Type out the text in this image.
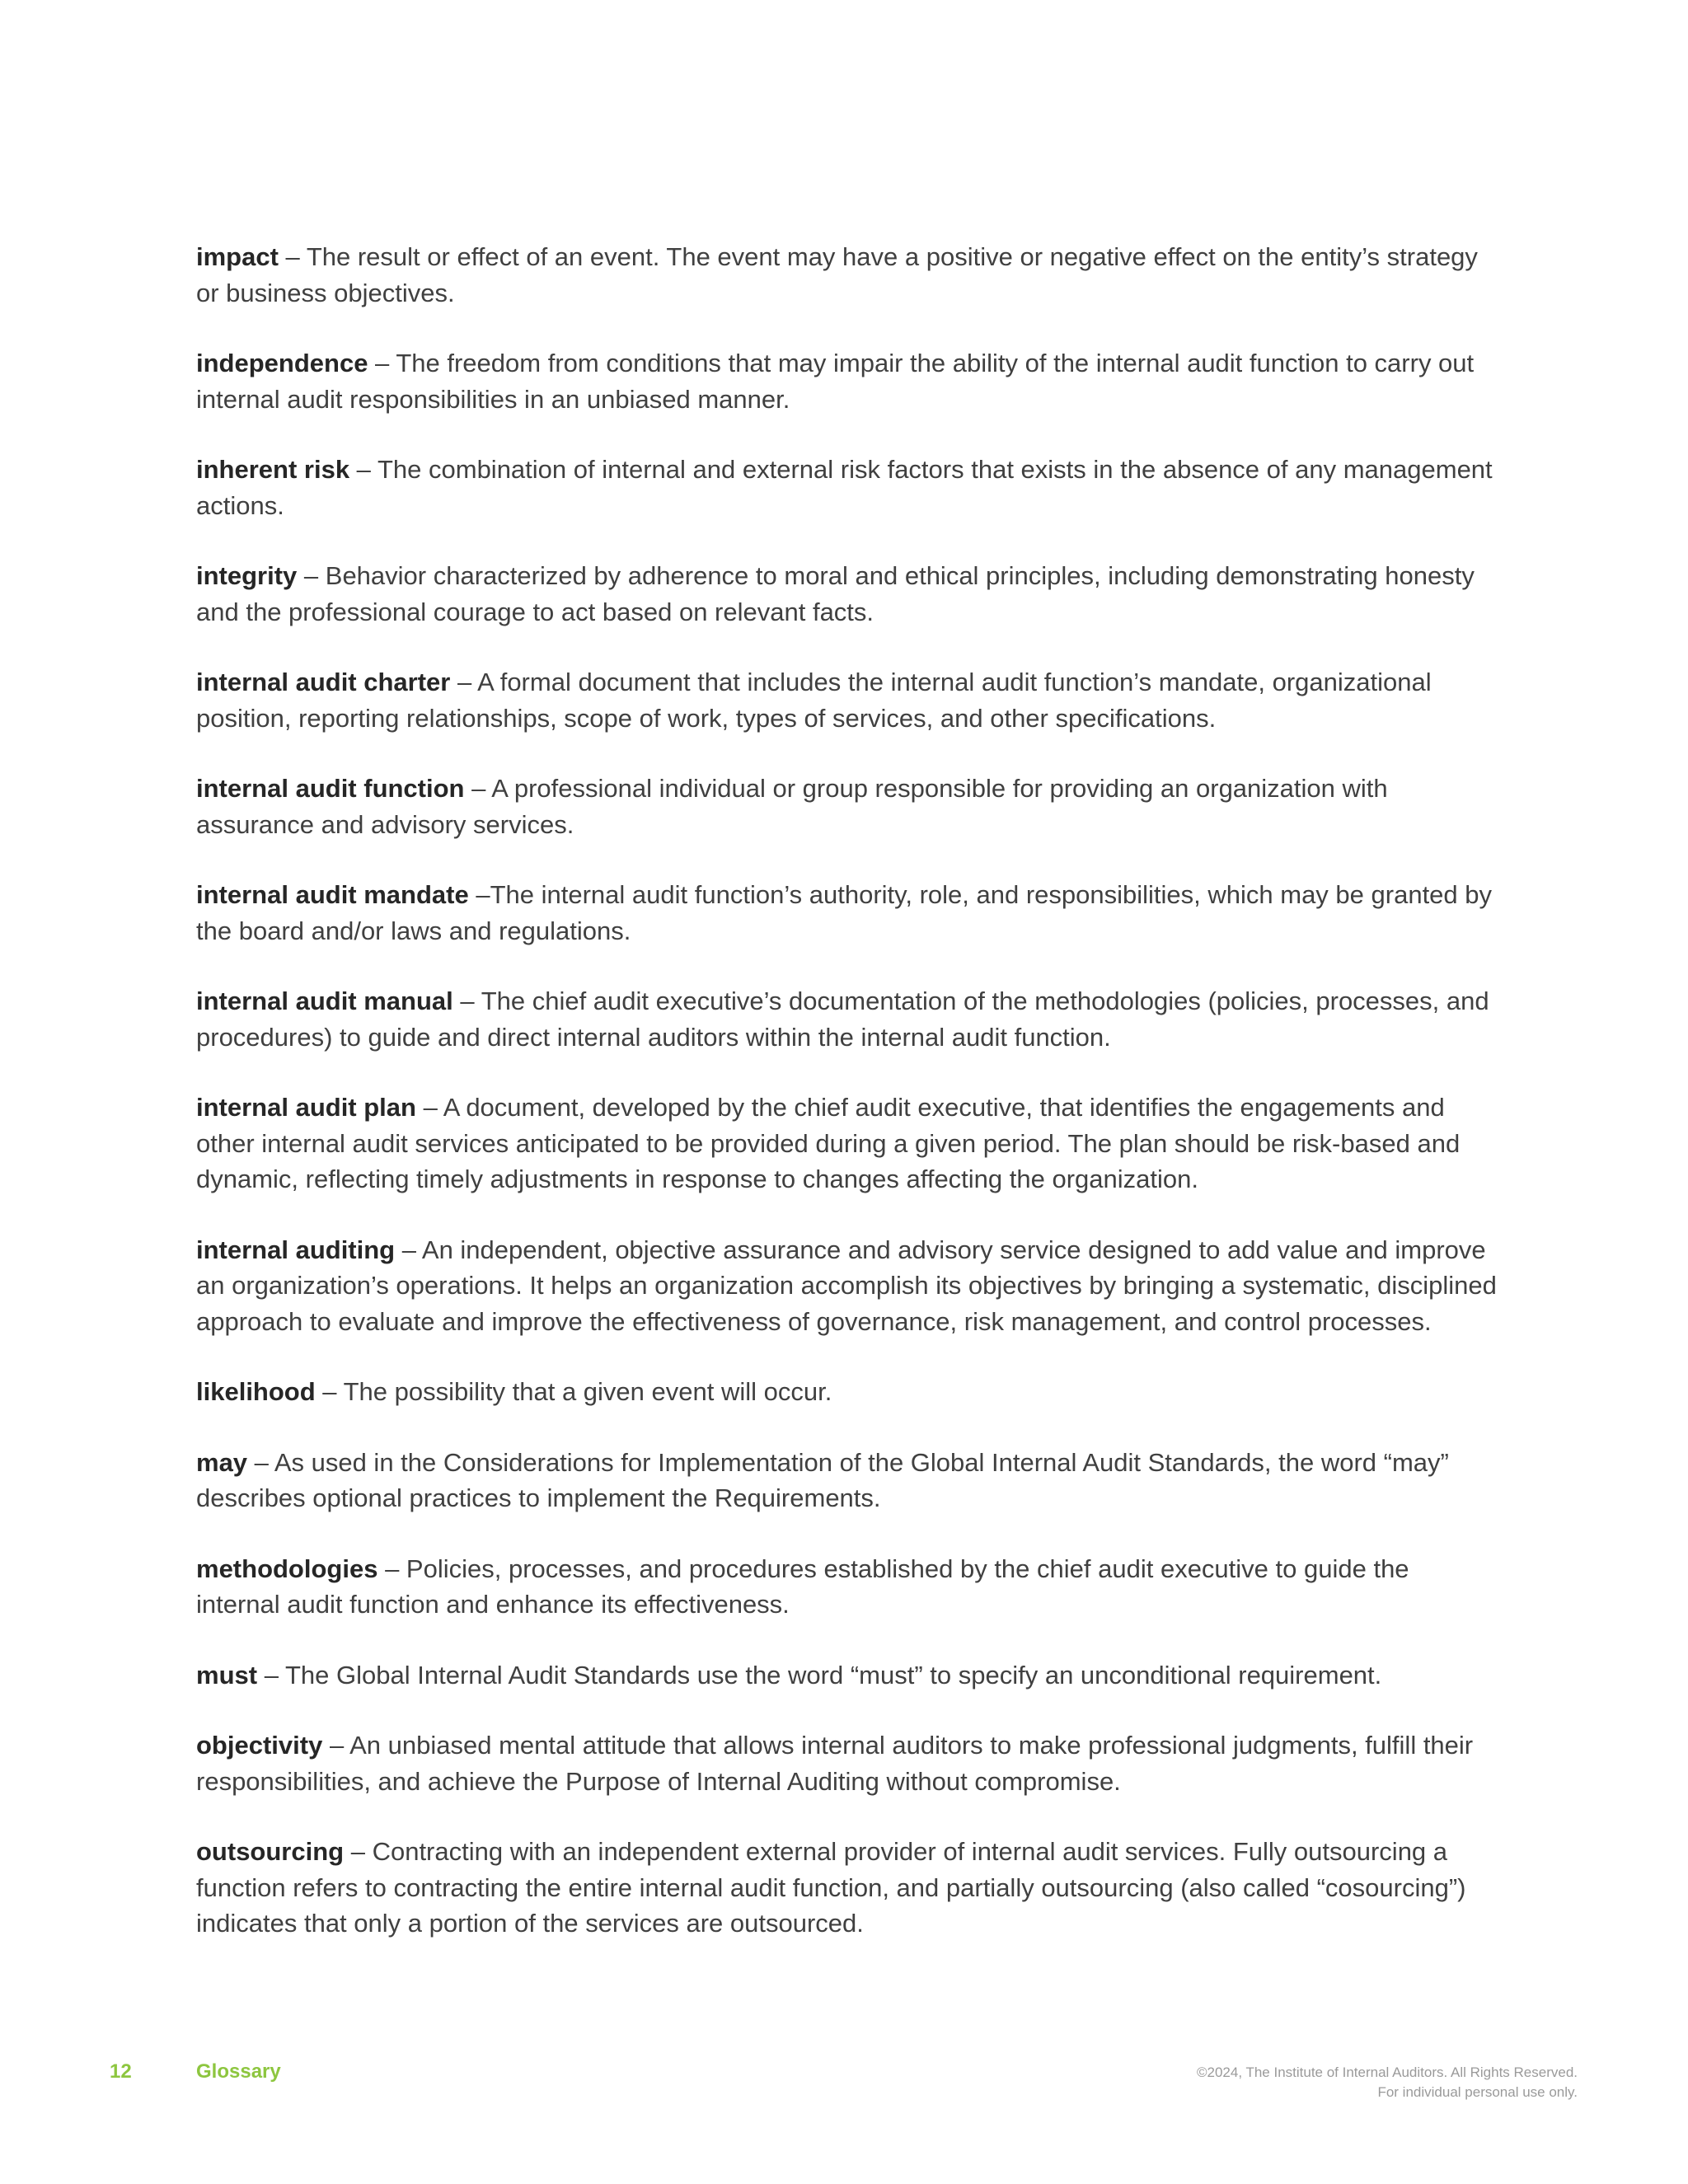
impact – The result or effect of an event. The event may have a positive or negative effect on the entity’s strategy or business objectives.

independence – The freedom from conditions that may impair the ability of the internal audit function to carry out internal audit responsibilities in an unbiased manner.

inherent risk – The combination of internal and external risk factors that exists in the absence of any management actions.

integrity – Behavior characterized by adherence to moral and ethical principles, including demonstrating honesty and the professional courage to act based on relevant facts.

internal audit charter – A formal document that includes the internal audit function’s mandate, organizational position, reporting relationships, scope of work, types of services, and other specifications.

internal audit function – A professional individual or group responsible for providing an organization with assurance and advisory services.

internal audit mandate –The internal audit function’s authority, role, and responsibilities, which may be granted by the board and/or laws and regulations.

internal audit manual – The chief audit executive’s documentation of the methodologies (policies, processes, and procedures) to guide and direct internal auditors within the internal audit function.

internal audit plan – A document, developed by the chief audit executive, that identifies the engagements and other internal audit services anticipated to be provided during a given period. The plan should be risk-based and dynamic, reflecting timely adjustments in response to changes affecting the organization.

internal auditing – An independent, objective assurance and advisory service designed to add value and improve an organization’s operations. It helps an organization accomplish its objectives by bringing a systematic, disciplined approach to evaluate and improve the effectiveness of governance, risk management, and control processes.

likelihood – The possibility that a given event will occur.

may – As used in the Considerations for Implementation of the Global Internal Audit Standards, the word “may” describes optional practices to implement the Requirements.

methodologies – Policies, processes, and procedures established by the chief audit executive to guide the internal audit function and enhance its effectiveness.

must – The Global Internal Audit Standards use the word “must” to specify an unconditional requirement.

objectivity – An unbiased mental attitude that allows internal auditors to make professional judgments, fulfill their responsibilities, and achieve the Purpose of Internal Auditing without compromise.

outsourcing – Contracting with an independent external provider of internal audit services. Fully outsourcing a function refers to contracting the entire internal audit function, and partially outsourcing (also called “cosourcing”) indicates that only a portion of the services are outsourced.

12	Glossary	©2024, The Institute of Internal Auditors. All Rights Reserved.
For individual personal use only.
